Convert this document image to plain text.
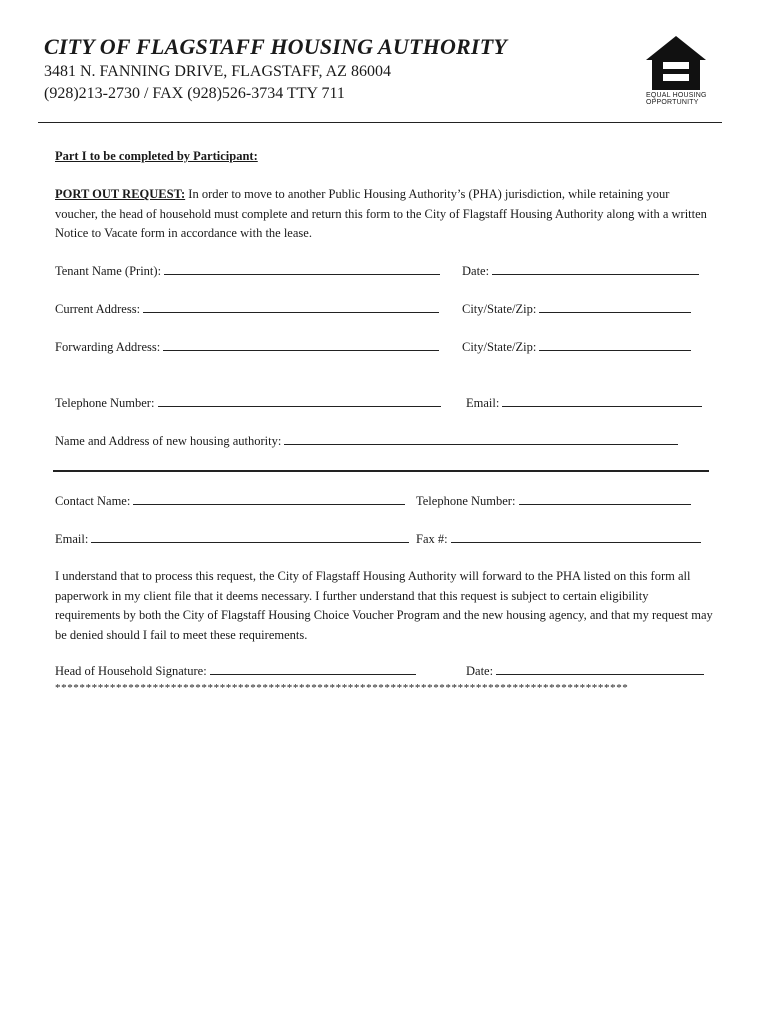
CITY OF FLAGSTAFF HOUSING AUTHORITY
3481 N. FANNING DRIVE, FLAGSTAFF, AZ 86004
(928)213-2730 / FAX (928)526-3734 TTY 711	EQUAL HOUSING
OPPORTUNITY
Part I to be completed by Participant:
PORT OUT REQUEST: In order to move to another Public Housing Authority’s (PHA) jurisdiction, while retaining your voucher, the head of household must complete and return this form to the City of Flagstaff Housing Authority along with a written Notice to Vacate form in accordance with the lease.
Tenant Name (Print):	Date:
Current Address:	City/State/Zip:
Forwarding Address:	City/State/Zip:
Telephone Number:	Email:
Name and Address of new housing authority:
Contact Name:	Telephone Number:
Email:	Fax #:
I understand that to process this request, the City of Flagstaff Housing Authority will forward to the PHA listed on this form all paperwork in my client file that it deems necessary. I further understand that this request is subject to certain eligibility requirements by both the City of Flagstaff Housing Choice Voucher Program and the new housing agency, and that my request may be denied should I fail to meet these requirements.
Head of Household Signature:	Date:
**********************************************************************************************
